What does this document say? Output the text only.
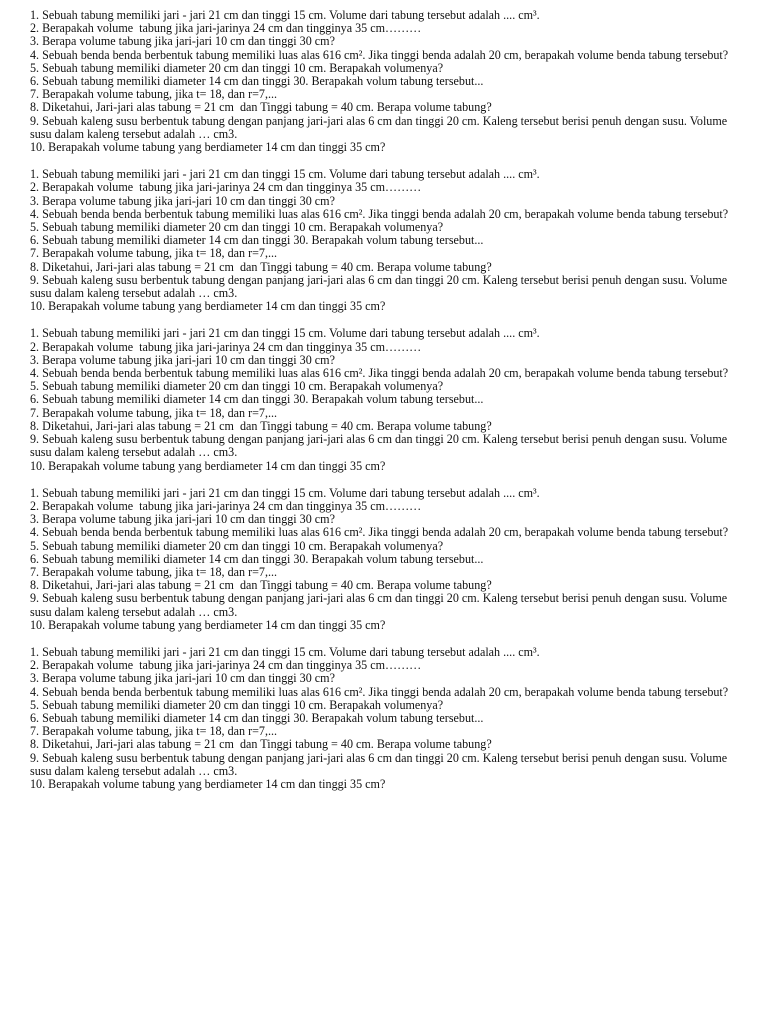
1. Sebuah tabung memiliki jari - jari 21 cm dan tinggi 15 cm. Volume dari tabung tersebut adalah .... cm³.

2. Berapakah volume  tabung jika jari-jarinya 24 cm dan tingginya 35 cm………

3. Berapa volume tabung jika jari-jari 10 cm dan tinggi 30 cm?

4. Sebuah benda benda berbentuk tabung memiliki luas alas 616 cm². Jika tinggi benda adalah 20 cm, berapakah volume benda tabung tersebut?

5. Sebuah tabung memiliki diameter 20 cm dan tinggi 10 cm. Berapakah volumenya?

6. Sebuah tabung memiliki diameter 14 cm dan tinggi 30. Berapakah volum tabung tersebut...

7. Berapakah volume tabung, jika t= 18, dan r=7,...

8. Diketahui, Jari-jari alas tabung = 21 cm  dan Tinggi tabung = 40 cm. Berapa volume tabung?

9. Sebuah kaleng susu berbentuk tabung dengan panjang jari-jari alas 6 cm dan tinggi 20 cm. Kaleng tersebut berisi penuh dengan susu. Volume susu dalam kaleng tersebut adalah … cm3.

10. Berapakah volume tabung yang berdiameter 14 cm dan tinggi 35 cm?

1. Sebuah tabung memiliki jari - jari 21 cm dan tinggi 15 cm. Volume dari tabung tersebut adalah .... cm³.

2. Berapakah volume  tabung jika jari-jarinya 24 cm dan tingginya 35 cm………

3. Berapa volume tabung jika jari-jari 10 cm dan tinggi 30 cm?

4. Sebuah benda benda berbentuk tabung memiliki luas alas 616 cm². Jika tinggi benda adalah 20 cm, berapakah volume benda tabung tersebut?

5. Sebuah tabung memiliki diameter 20 cm dan tinggi 10 cm. Berapakah volumenya?

6. Sebuah tabung memiliki diameter 14 cm dan tinggi 30. Berapakah volum tabung tersebut...

7. Berapakah volume tabung, jika t= 18, dan r=7,...

8. Diketahui, Jari-jari alas tabung = 21 cm  dan Tinggi tabung = 40 cm. Berapa volume tabung?

9. Sebuah kaleng susu berbentuk tabung dengan panjang jari-jari alas 6 cm dan tinggi 20 cm. Kaleng tersebut berisi penuh dengan susu. Volume susu dalam kaleng tersebut adalah … cm3.

10. Berapakah volume tabung yang berdiameter 14 cm dan tinggi 35 cm?

1. Sebuah tabung memiliki jari - jari 21 cm dan tinggi 15 cm. Volume dari tabung tersebut adalah .... cm³.

2. Berapakah volume  tabung jika jari-jarinya 24 cm dan tingginya 35 cm………

3. Berapa volume tabung jika jari-jari 10 cm dan tinggi 30 cm?

4. Sebuah benda benda berbentuk tabung memiliki luas alas 616 cm². Jika tinggi benda adalah 20 cm, berapakah volume benda tabung tersebut?

5. Sebuah tabung memiliki diameter 20 cm dan tinggi 10 cm. Berapakah volumenya?

6. Sebuah tabung memiliki diameter 14 cm dan tinggi 30. Berapakah volum tabung tersebut...

7. Berapakah volume tabung, jika t= 18, dan r=7,...

8. Diketahui, Jari-jari alas tabung = 21 cm  dan Tinggi tabung = 40 cm. Berapa volume tabung?

9. Sebuah kaleng susu berbentuk tabung dengan panjang jari-jari alas 6 cm dan tinggi 20 cm. Kaleng tersebut berisi penuh dengan susu. Volume susu dalam kaleng tersebut adalah … cm3.

10. Berapakah volume tabung yang berdiameter 14 cm dan tinggi 35 cm?

1. Sebuah tabung memiliki jari - jari 21 cm dan tinggi 15 cm. Volume dari tabung tersebut adalah .... cm³.

2. Berapakah volume  tabung jika jari-jarinya 24 cm dan tingginya 35 cm………

3. Berapa volume tabung jika jari-jari 10 cm dan tinggi 30 cm?

4. Sebuah benda benda berbentuk tabung memiliki luas alas 616 cm². Jika tinggi benda adalah 20 cm, berapakah volume benda tabung tersebut?

5. Sebuah tabung memiliki diameter 20 cm dan tinggi 10 cm. Berapakah volumenya?

6. Sebuah tabung memiliki diameter 14 cm dan tinggi 30. Berapakah volum tabung tersebut...

7. Berapakah volume tabung, jika t= 18, dan r=7,...

8. Diketahui, Jari-jari alas tabung = 21 cm  dan Tinggi tabung = 40 cm. Berapa volume tabung?

9. Sebuah kaleng susu berbentuk tabung dengan panjang jari-jari alas 6 cm dan tinggi 20 cm. Kaleng tersebut berisi penuh dengan susu. Volume susu dalam kaleng tersebut adalah … cm3.

10. Berapakah volume tabung yang berdiameter 14 cm dan tinggi 35 cm?

1. Sebuah tabung memiliki jari - jari 21 cm dan tinggi 15 cm. Volume dari tabung tersebut adalah .... cm³.

2. Berapakah volume  tabung jika jari-jarinya 24 cm dan tingginya 35 cm………

3. Berapa volume tabung jika jari-jari 10 cm dan tinggi 30 cm?

4. Sebuah benda benda berbentuk tabung memiliki luas alas 616 cm². Jika tinggi benda adalah 20 cm, berapakah volume benda tabung tersebut?

5. Sebuah tabung memiliki diameter 20 cm dan tinggi 10 cm. Berapakah volumenya?

6. Sebuah tabung memiliki diameter 14 cm dan tinggi 30. Berapakah volum tabung tersebut...

7. Berapakah volume tabung, jika t= 18, dan r=7,...

8. Diketahui, Jari-jari alas tabung = 21 cm  dan Tinggi tabung = 40 cm. Berapa volume tabung?

9. Sebuah kaleng susu berbentuk tabung dengan panjang jari-jari alas 6 cm dan tinggi 20 cm. Kaleng tersebut berisi penuh dengan susu. Volume susu dalam kaleng tersebut adalah … cm3.

10. Berapakah volume tabung yang berdiameter 14 cm dan tinggi 35 cm?
